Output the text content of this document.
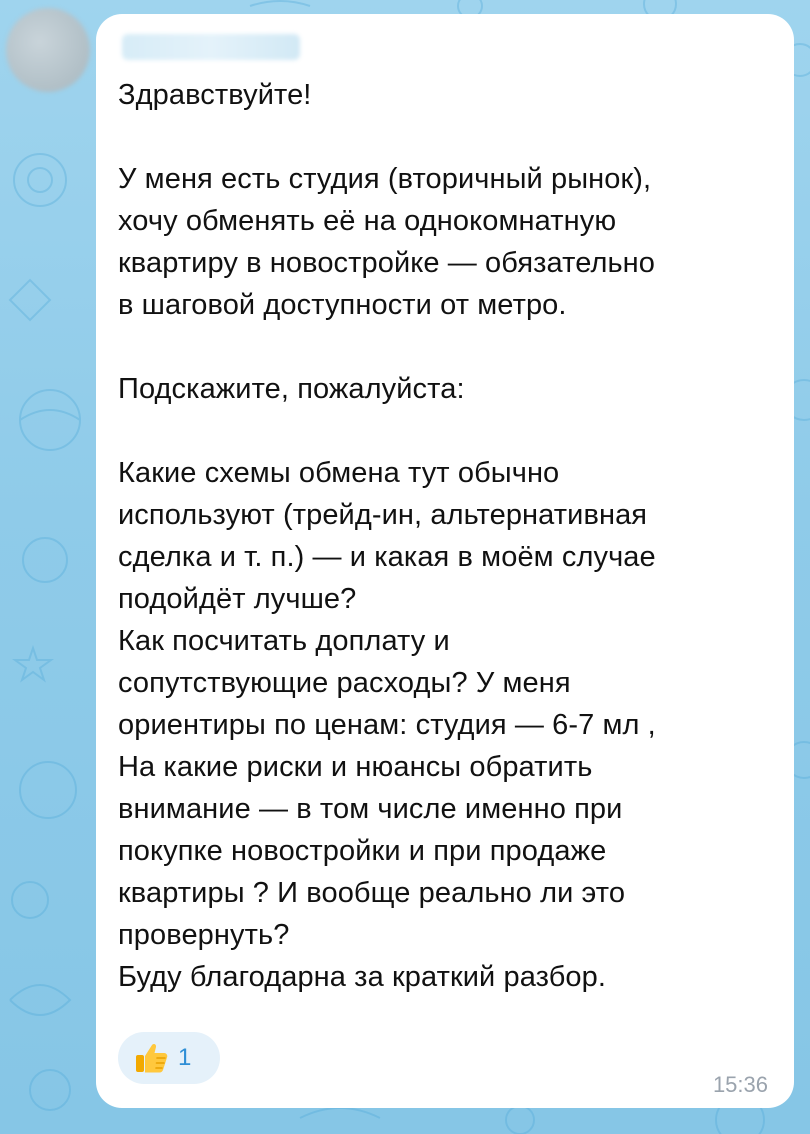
Здравствуйте!
У меня есть студия (вторичный рынок),
хочу обменять её на однокомнатную
квартиру в новостройке — обязательно
в шаговой доступности от метро.
Подскажите, пожалуйста:
Какие схемы обмена тут обычно
используют (трейд-ин, альтернативная
сделка и т. п.) — и какая в моём случае
подойдёт лучше?
Как посчитать доплату и
сопутствующие расходы? У меня
ориентиры по ценам: студия — 6-7 мл ,
На какие риски и нюансы обратить
внимание — в том числе именно при
покупке новостройки и при продаже
квартиры ? И вообще реально ли это
провернуть?
Буду благодарна за краткий разбор.
1
15:36
